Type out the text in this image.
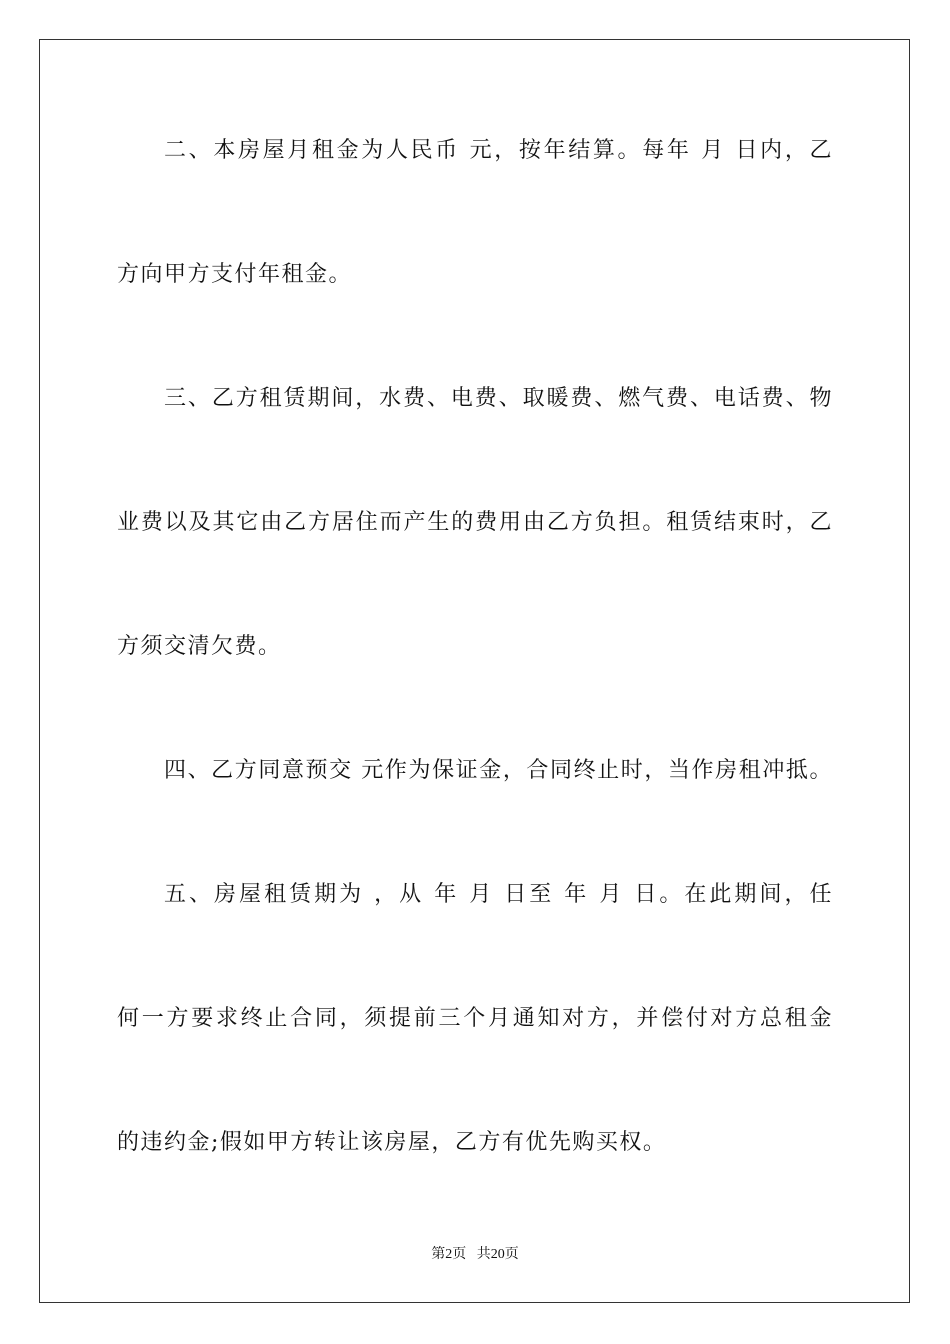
二、本房屋月租金为人民币 元，按年结算。每年 月 日内，乙
方向甲方支付年租金。
三、乙方租赁期间，水费、电费、取暖费、燃气费、电话费、物
业费以及其它由乙方居住而产生的费用由乙方负担。租赁结束时，乙
方须交清欠费。
四、乙方同意预交 元作为保证金，合同终止时，当作房租冲抵。
五、房屋租赁期为 ，从 年 月 日至 年 月 日。在此期间，任
何一方要求终止合同，须提前三个月通知对方，并偿付对方总租金
的违约金;假如甲方转让该房屋，乙方有优先购买权。
第2页   共20页
